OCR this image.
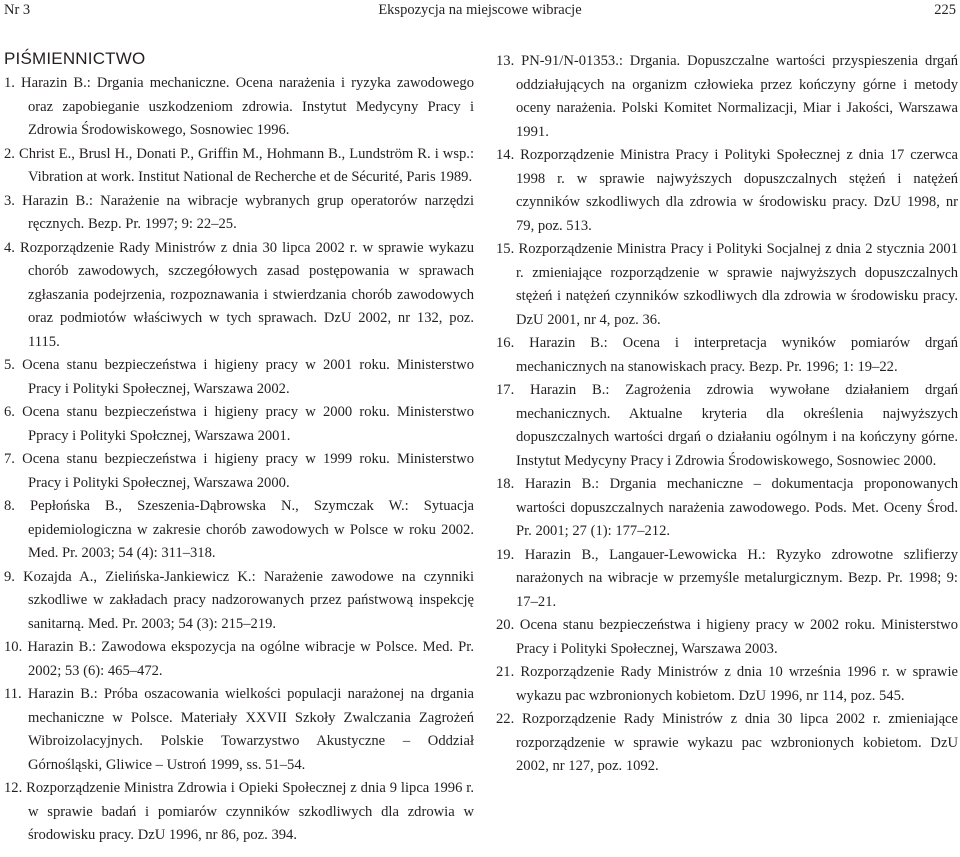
Ekspozycja na miejscowe wibracje
Nr 3	225
PIŚMIENNICTWO

1. Harazin B.: Drgania mechaniczne. Ocena narażenia i ryzyka zawodowego oraz zapobieganie uszkodzeniom zdrowia. Instytut Medycyny Pracy i Zdrowia Środowiskowego, Sosnowiec 1996.

2. Christ E., Brusl H., Donati P., Griffin M., Hohmann B., Lundström R. i wsp.: Vibration at work. Institut National de Recherche et de Sécurité, Paris 1989.

3. Harazin B.: Narażenie na wibracje wybranych grup operatorów narzędzi ręcznych. Bezp. Pr. 1997; 9: 22–25.

4. Rozporządzenie Rady Ministrów z dnia 30 lipca 2002 r. w sprawie wykazu chorób zawodowych, szczegółowych zasad postępowania w sprawach zgłaszania podejrzenia, rozpoznawania i stwierdzania chorób zawodowych oraz podmiotów właściwych w tych sprawach. DzU 2002, nr 132, poz. 1115.

5. Ocena stanu bezpieczeństwa i higieny pracy w 2001 roku. Ministerstwo Pracy i Polityki Społecznej, Warszawa 2002.

6. Ocena stanu bezpieczeństwa i higieny pracy w 2000 roku. Ministerstwo Ppracy i Polityki Społcznej, Warszawa 2001.

7. Ocena stanu bezpieczeństwa i higieny pracy w 1999 roku. Ministerstwo Pracy i Polityki Społecznej, Warszawa 2000.

8. Pepłońska B., Szeszenia-Dąbrowska N., Szymczak W.: Sytuacja epidemiologiczna w zakresie chorób zawodowych w Polsce w roku 2002. Med. Pr. 2003; 54 (4): 311–318.

9. Kozajda A., Zielińska-Jankiewicz K.: Narażenie zawodowe na czynniki szkodliwe w zakładach pracy nadzorowanych przez państwową inspekcję sanitarną. Med. Pr. 2003; 54 (3): 215–219.

10. Harazin B.: Zawodowa ekspozycja na ogólne wibracje w Polsce. Med. Pr. 2002; 53 (6): 465–472.

11. Harazin B.: Próba oszacowania wielkości populacji narażonej na drgania mechaniczne w Polsce. Materiały XXVII Szkoły Zwalczania Zagrożeń Wibroizolacyjnych. Polskie Towarzystwo Akustyczne – Oddział Górnośląski, Gliwice – Ustroń 1999, ss. 51–54.

12. Rozporządzenie Ministra Zdrowia i Opieki Społecznej z dnia 9 lipca 1996 r. w sprawie badań i pomiarów czynników szkodliwych dla zdrowia w środowisku pracy. DzU 1996, nr 86, poz. 394.

13. PN-91/N-01353.: Drgania. Dopuszczalne wartości przyspieszenia drgań oddziałujących na organizm człowieka przez kończyny górne i metody oceny narażenia. Polski Komitet Normalizacji, Miar i Jakości, Warszawa 1991.

14. Rozporządzenie Ministra Pracy i Polityki Społecznej z dnia 17 czerwca 1998 r. w sprawie najwyższych dopuszczalnych stężeń i natężeń czynników szkodliwych dla zdrowia w środowisku pracy. DzU 1998, nr 79, poz. 513.

15. Rozporządzenie Ministra Pracy i Polityki Socjalnej z dnia 2 stycznia 2001 r. zmieniające rozporządzenie w sprawie najwyższych dopuszczalnych stężeń i natężeń czynników szkodliwych dla zdrowia w środowisku pracy. DzU 2001, nr 4, poz. 36.

16. Harazin B.: Ocena i interpretacja wyników pomiarów drgań mechanicznych na stanowiskach pracy. Bezp. Pr. 1996; 1: 19–22.

17. Harazin B.: Zagrożenia zdrowia wywołane działaniem drgań mechanicznych. Aktualne kryteria dla określenia najwyższych dopuszczalnych wartości drgań o działaniu ogólnym i na kończyny górne. Instytut Medycyny Pracy i Zdrowia Środowiskowego, Sosnowiec 2000.

18. Harazin B.: Drgania mechaniczne – dokumentacja proponowanych wartości dopuszczalnych narażenia zawodowego. Pods. Met. Oceny Środ. Pr. 2001; 27 (1): 177–212.

19. Harazin B., Langauer-Lewowicka H.: Ryzyko zdrowotne szlifierzy narażonych na wibracje w przemyśle metalurgicznym. Bezp. Pr. 1998; 9: 17–21.

20. Ocena stanu bezpieczeństwa i higieny pracy w 2002 roku. Ministerstwo Pracy i Polityki Społecznej, Warszawa 2003.

21. Rozporządzenie Rady Ministrów z dnia 10 września 1996 r. w sprawie wykazu pac wzbronionych kobietom. DzU 1996, nr 114, poz. 545.

22. Rozporządzenie Rady Ministrów z dnia 30 lipca 2002 r. zmieniające rozporządzenie w sprawie wykazu pac wzbronionych kobietom. DzU 2002, nr 127, poz. 1092.
